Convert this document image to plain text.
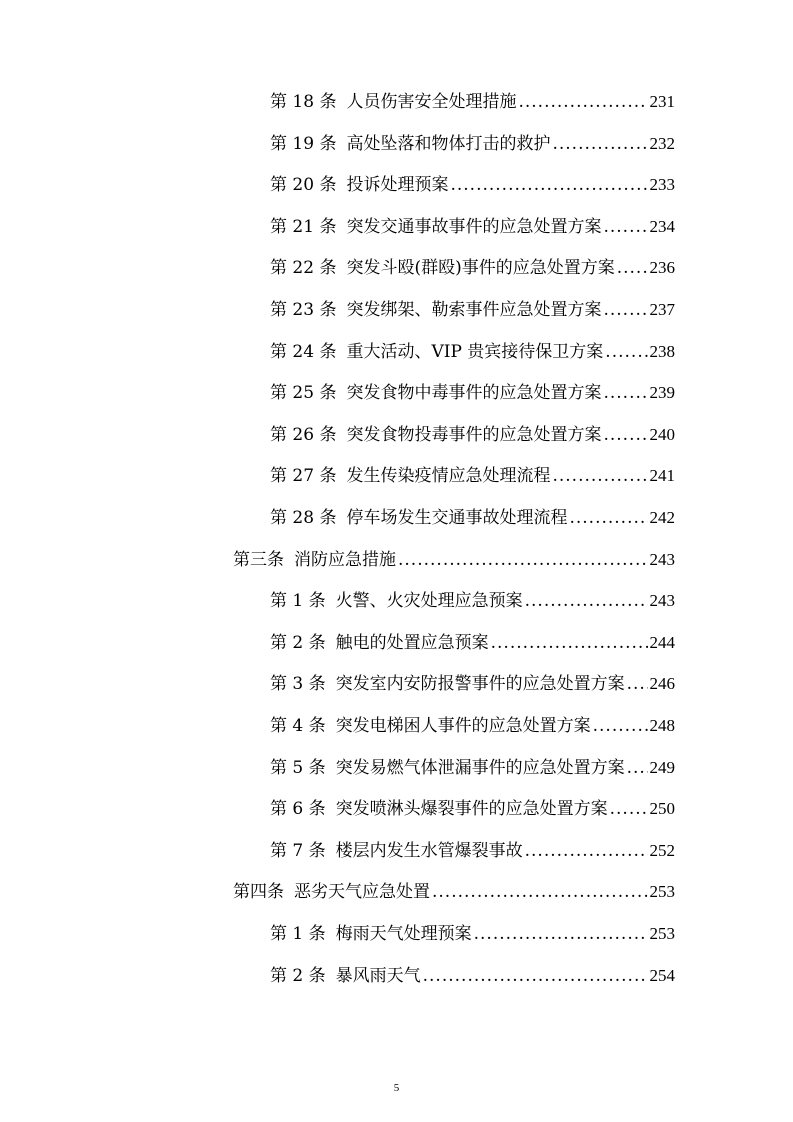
第 18 条 人员伤害安全处理措施 .....	231
第 19 条 高处坠落和物体打击的救护 .....	232
第 20 条 投诉处理预案 .....	233
第 21 条 突发交通事故事件的应急处置方案 .....	234
第 22 条 突发斗殴(群殴)事件的应急处置方案 ..... 236
第 23 条 突发绑架、勒索事件应急处置方案 .....	237
第 24 条 重大活动、VIP 贵宾接待保卫方案 .....	238
第 25 条 突发食物中毒事件的应急处置方案 .....	239
第 26 条 突发食物投毒事件的应急处置方案 .....	240
第 27 条 发生传染疫情应急处理流程 .....	241
第 28 条 停车场发生交通事故处理流程 .....	242
第三条 消防应急措施 .....	243
第 1 条 火警、火灾处理应急预案 .....	243
第 2 条 触电的处置应急预案 .....	244
第 3 条 突发室内安防报警事件的应急处置方案 ..... 246
第 4 条 突发电梯困人事件的应急处置方案 .....	248
第 5 条 突发易燃气体泄漏事件的应急处置方案 ..... 249
第 6 条 突发喷淋头爆裂事件的应急处置方案 ..... 250
第 7 条 楼层内发生水管爆裂事故 .....	252
第四条 恶劣天气应急处置 .....	253
第 1 条 梅雨天气处理预案 .....	253
第 2 条 暴风雨天气 .....	254
5
